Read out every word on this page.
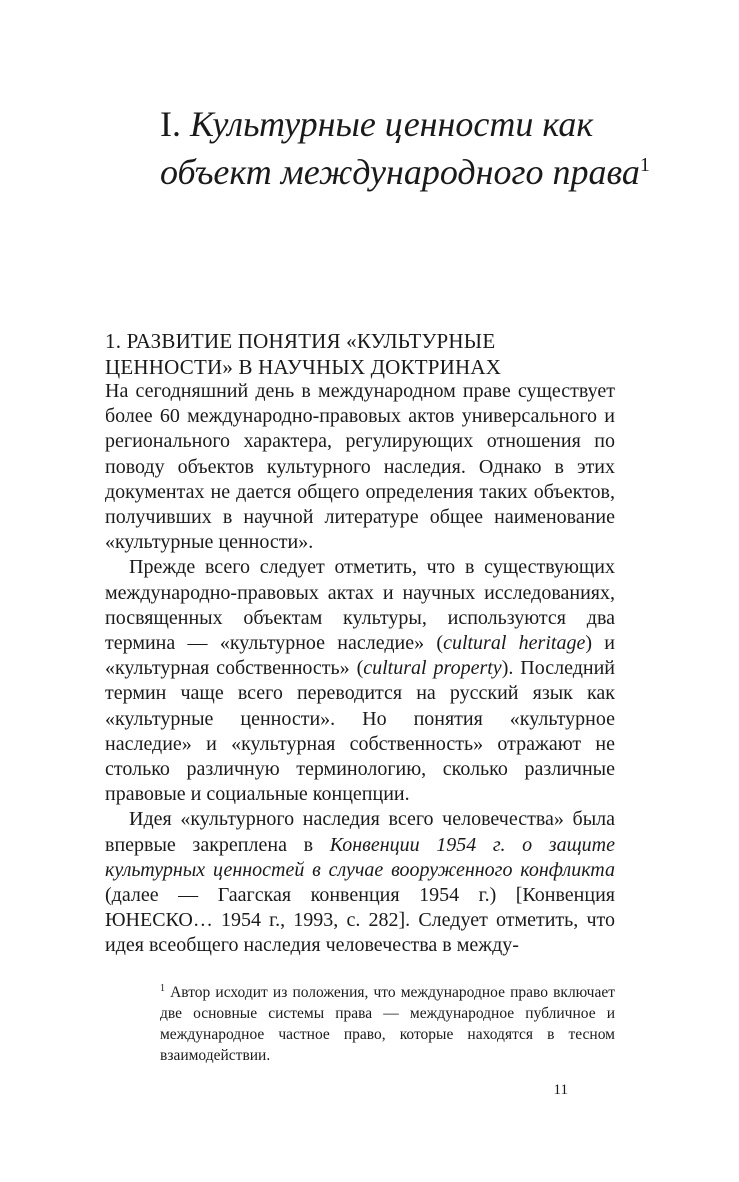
I. Культурные ценности как объект международного права$^1$
1. РАЗВИТИЕ ПОНЯТИЯ «КУЛЬТУРНЫЕ ЦЕННОСТИ» В НАУЧНЫХ ДОКТРИНАХ

На сегодняшний день в международном праве существует более 60 международно-правовых актов универсального и регионального характера, регулирующих отношения по поводу объектов культурного наследия. Однако в этих документах не дается общего определения таких объектов, получивших в научной литературе общее наименование «культурные ценности».

Прежде всего следует отметить, что в существующих международно-правовых актах и научных исследованиях, посвященных объектам культуры, используются два термина — «культурное наследие» (cultural heritage) и «культурная собственность» (cultural property). Последний термин чаще всего переводится на русский язык как «культурные ценности». Но понятия «культурное наследие» и «культурная собственность» отражают не столько различную терминологию, сколько различные правовые и социальные концепции.

Идея «культурного наследия всего человечества» была впервые закреплена в Конвенции 1954 г. о защите культурных ценностей в случае вооруженного конфликта (далее — Гаагская конвенция 1954 г.) [Конвенция ЮНЕСКО… 1954 г., 1993, с. 282]. Следует отметить, что идея всеобщего наследия человечества в между-

$^1$ Автор исходит из положения, что международное право включает две основные системы права — международное публичное и международное частное право, которые находятся в тесном взаимодействии.
11
